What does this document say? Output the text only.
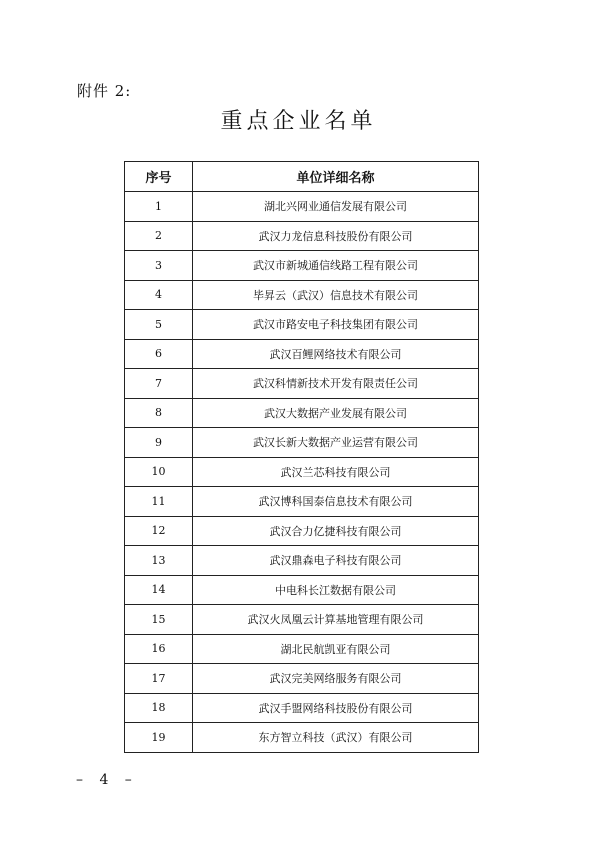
附件 2:
重点企业名单
序号	单位详细名称
1	湖北兴网业通信发展有限公司
2	武汉力龙信息科技股份有限公司
3	武汉市新城通信线路工程有限公司
4	毕昇云（武汉）信息技术有限公司
5	武汉市路安电子科技集团有限公司
6	武汉百鲤网络技术有限公司
7	武汉科情新技术开发有限责任公司
8	武汉大数据产业发展有限公司
9	武汉长新大数据产业运营有限公司
10	武汉兰芯科技有限公司
11	武汉博科国泰信息技术有限公司
12	武汉合力亿捷科技有限公司
13	武汉鼎森电子科技有限公司
14	中电科长江数据有限公司
15	武汉火凤凰云计算基地管理有限公司
16	湖北民航凯亚有限公司
17	武汉完美网络服务有限公司
18	武汉手盟网络科技股份有限公司
19	东方智立科技（武汉）有限公司
– 4 –
